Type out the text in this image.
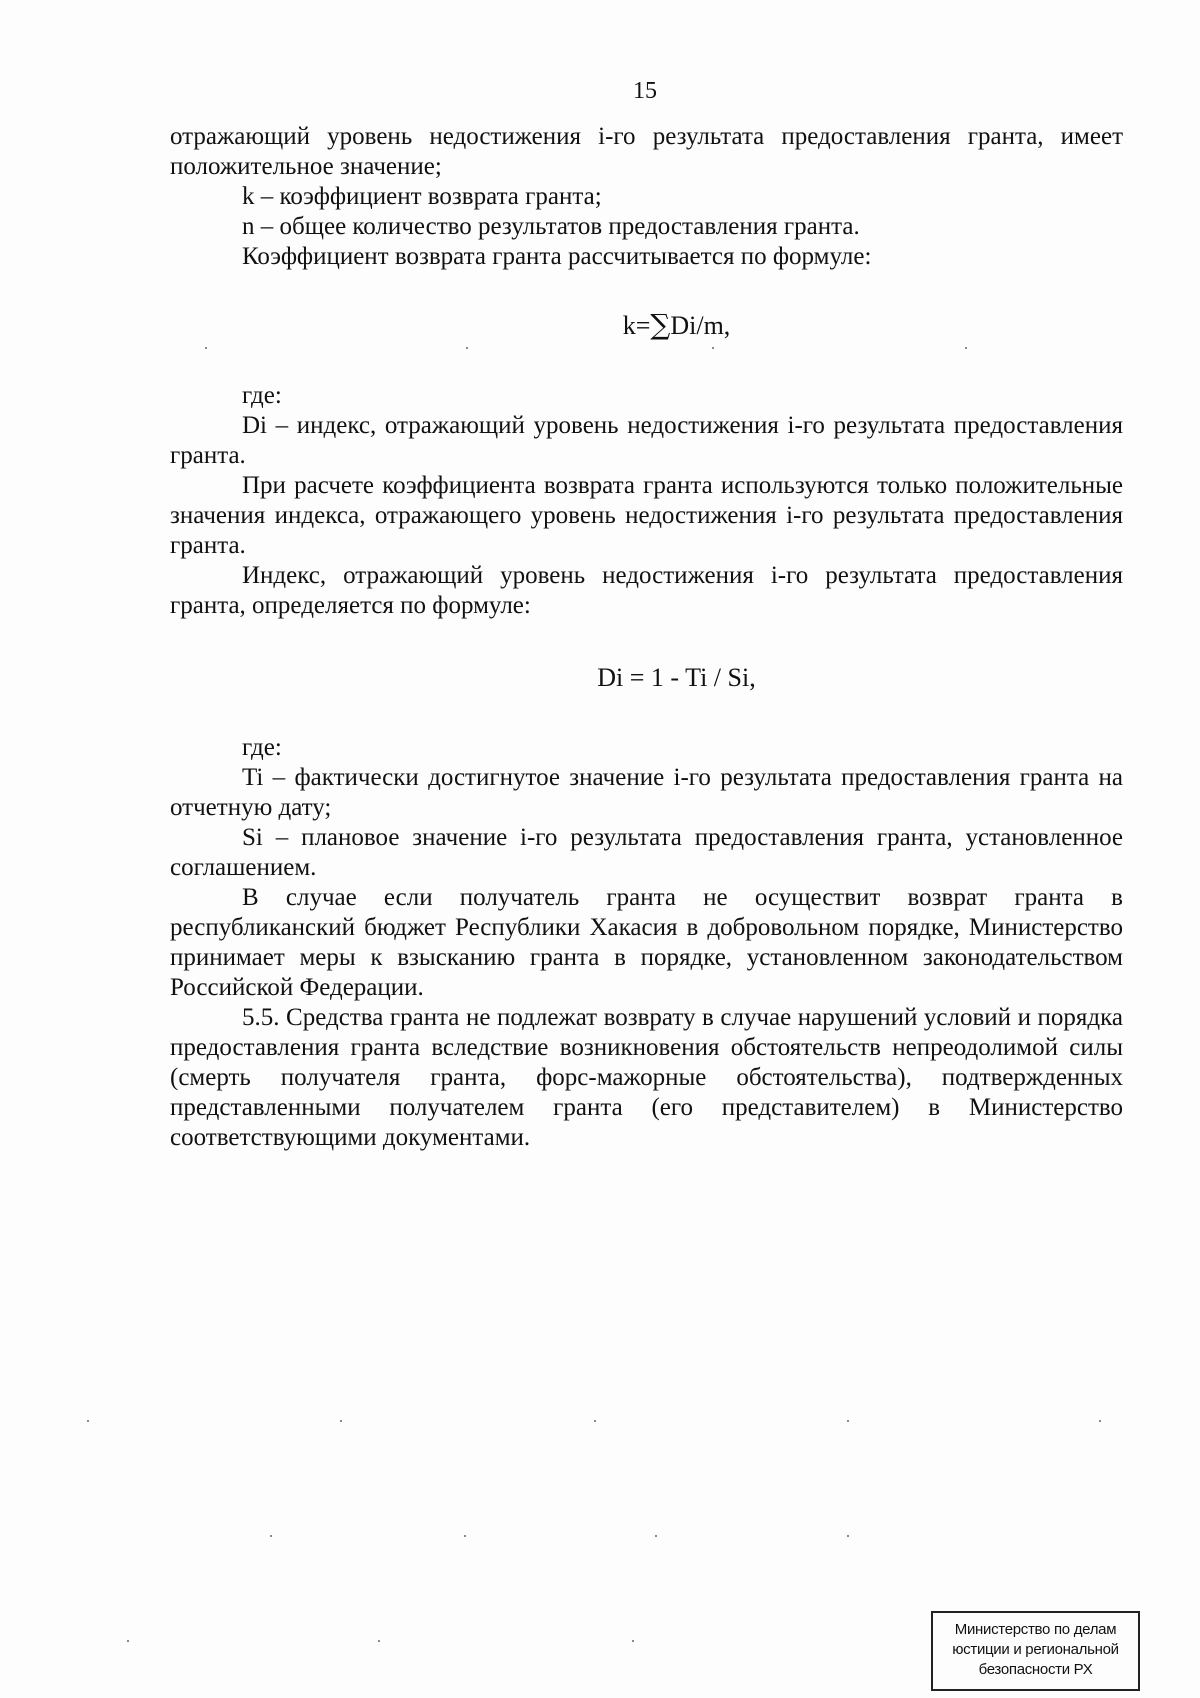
15

отражающий уровень недостижения i-го результата предоставления гранта, имеет положительное значение;

k – коэффициент возврата гранта;

n – общее количество результатов предоставления гранта.

Коэффициент возврата гранта рассчитывается по формуле:

k=∑Di/m,

где:

Di – индекс, отражающий уровень недостижения i-го результата предоставления гранта.

При расчете коэффициента возврата гранта используются только положительные значения индекса, отражающего уровень недостижения i-го результата предоставления гранта.

Индекс, отражающий уровень недостижения i-го результата предоставления гранта, определяется по формуле:

Di = 1 - Ti / Si,

где:

Ti – фактически достигнутое значение i-го результата предоставления гранта на отчетную дату;

Si – плановое значение i-го результата предоставления гранта, установленное соглашением.

В случае если получатель гранта не осуществит возврат гранта в республиканский бюджет Республики Хакасия в добровольном порядке, Министерство принимает меры к взысканию гранта в порядке, установленном законодательством Российской Федерации.

5.5. Средства гранта не подлежат возврату в случае нарушений условий и порядка предоставления гранта вследствие возникновения обстоятельств непреодолимой силы (смерть получателя гранта, форс-мажорные обстоятельства), подтвержденных представленными получателем гранта (его представителем) в Министерство соответствующими документами.

Министерство по делам
юстиции и региональной
безопасности РХ
